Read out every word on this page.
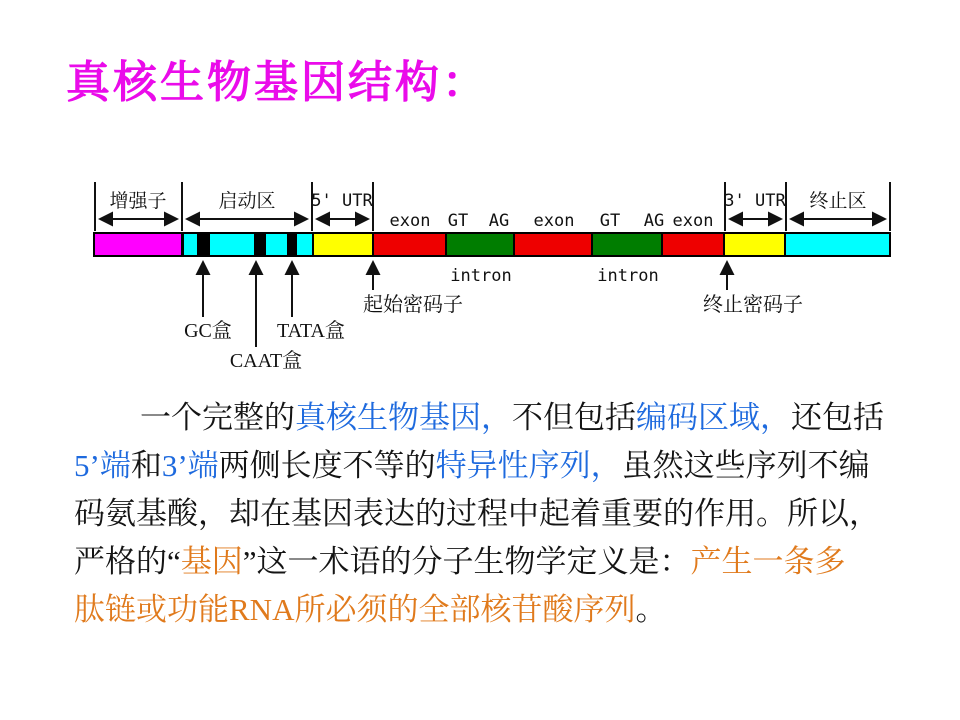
真核生物基因结构：
增强子	启动区 5' UTR	3' UTR 终止区
exon GT AG exon GT AG exon
intron	intron
GC盒
CAAT盒
TATA盒
起始密码子	终止密码子

一个完整的真核生物基因，不但包括编码区域，还包括

5’端和3’端两侧长度不等的特异性序列，虽然这些序列不编

码氨基酸，却在基因表达的过程中起着重要的作用。所以，

严格的“基因”这一术语的分子生物学定义是：产生一条多

肽链或功能RNA所必须的全部核苷酸序列。
